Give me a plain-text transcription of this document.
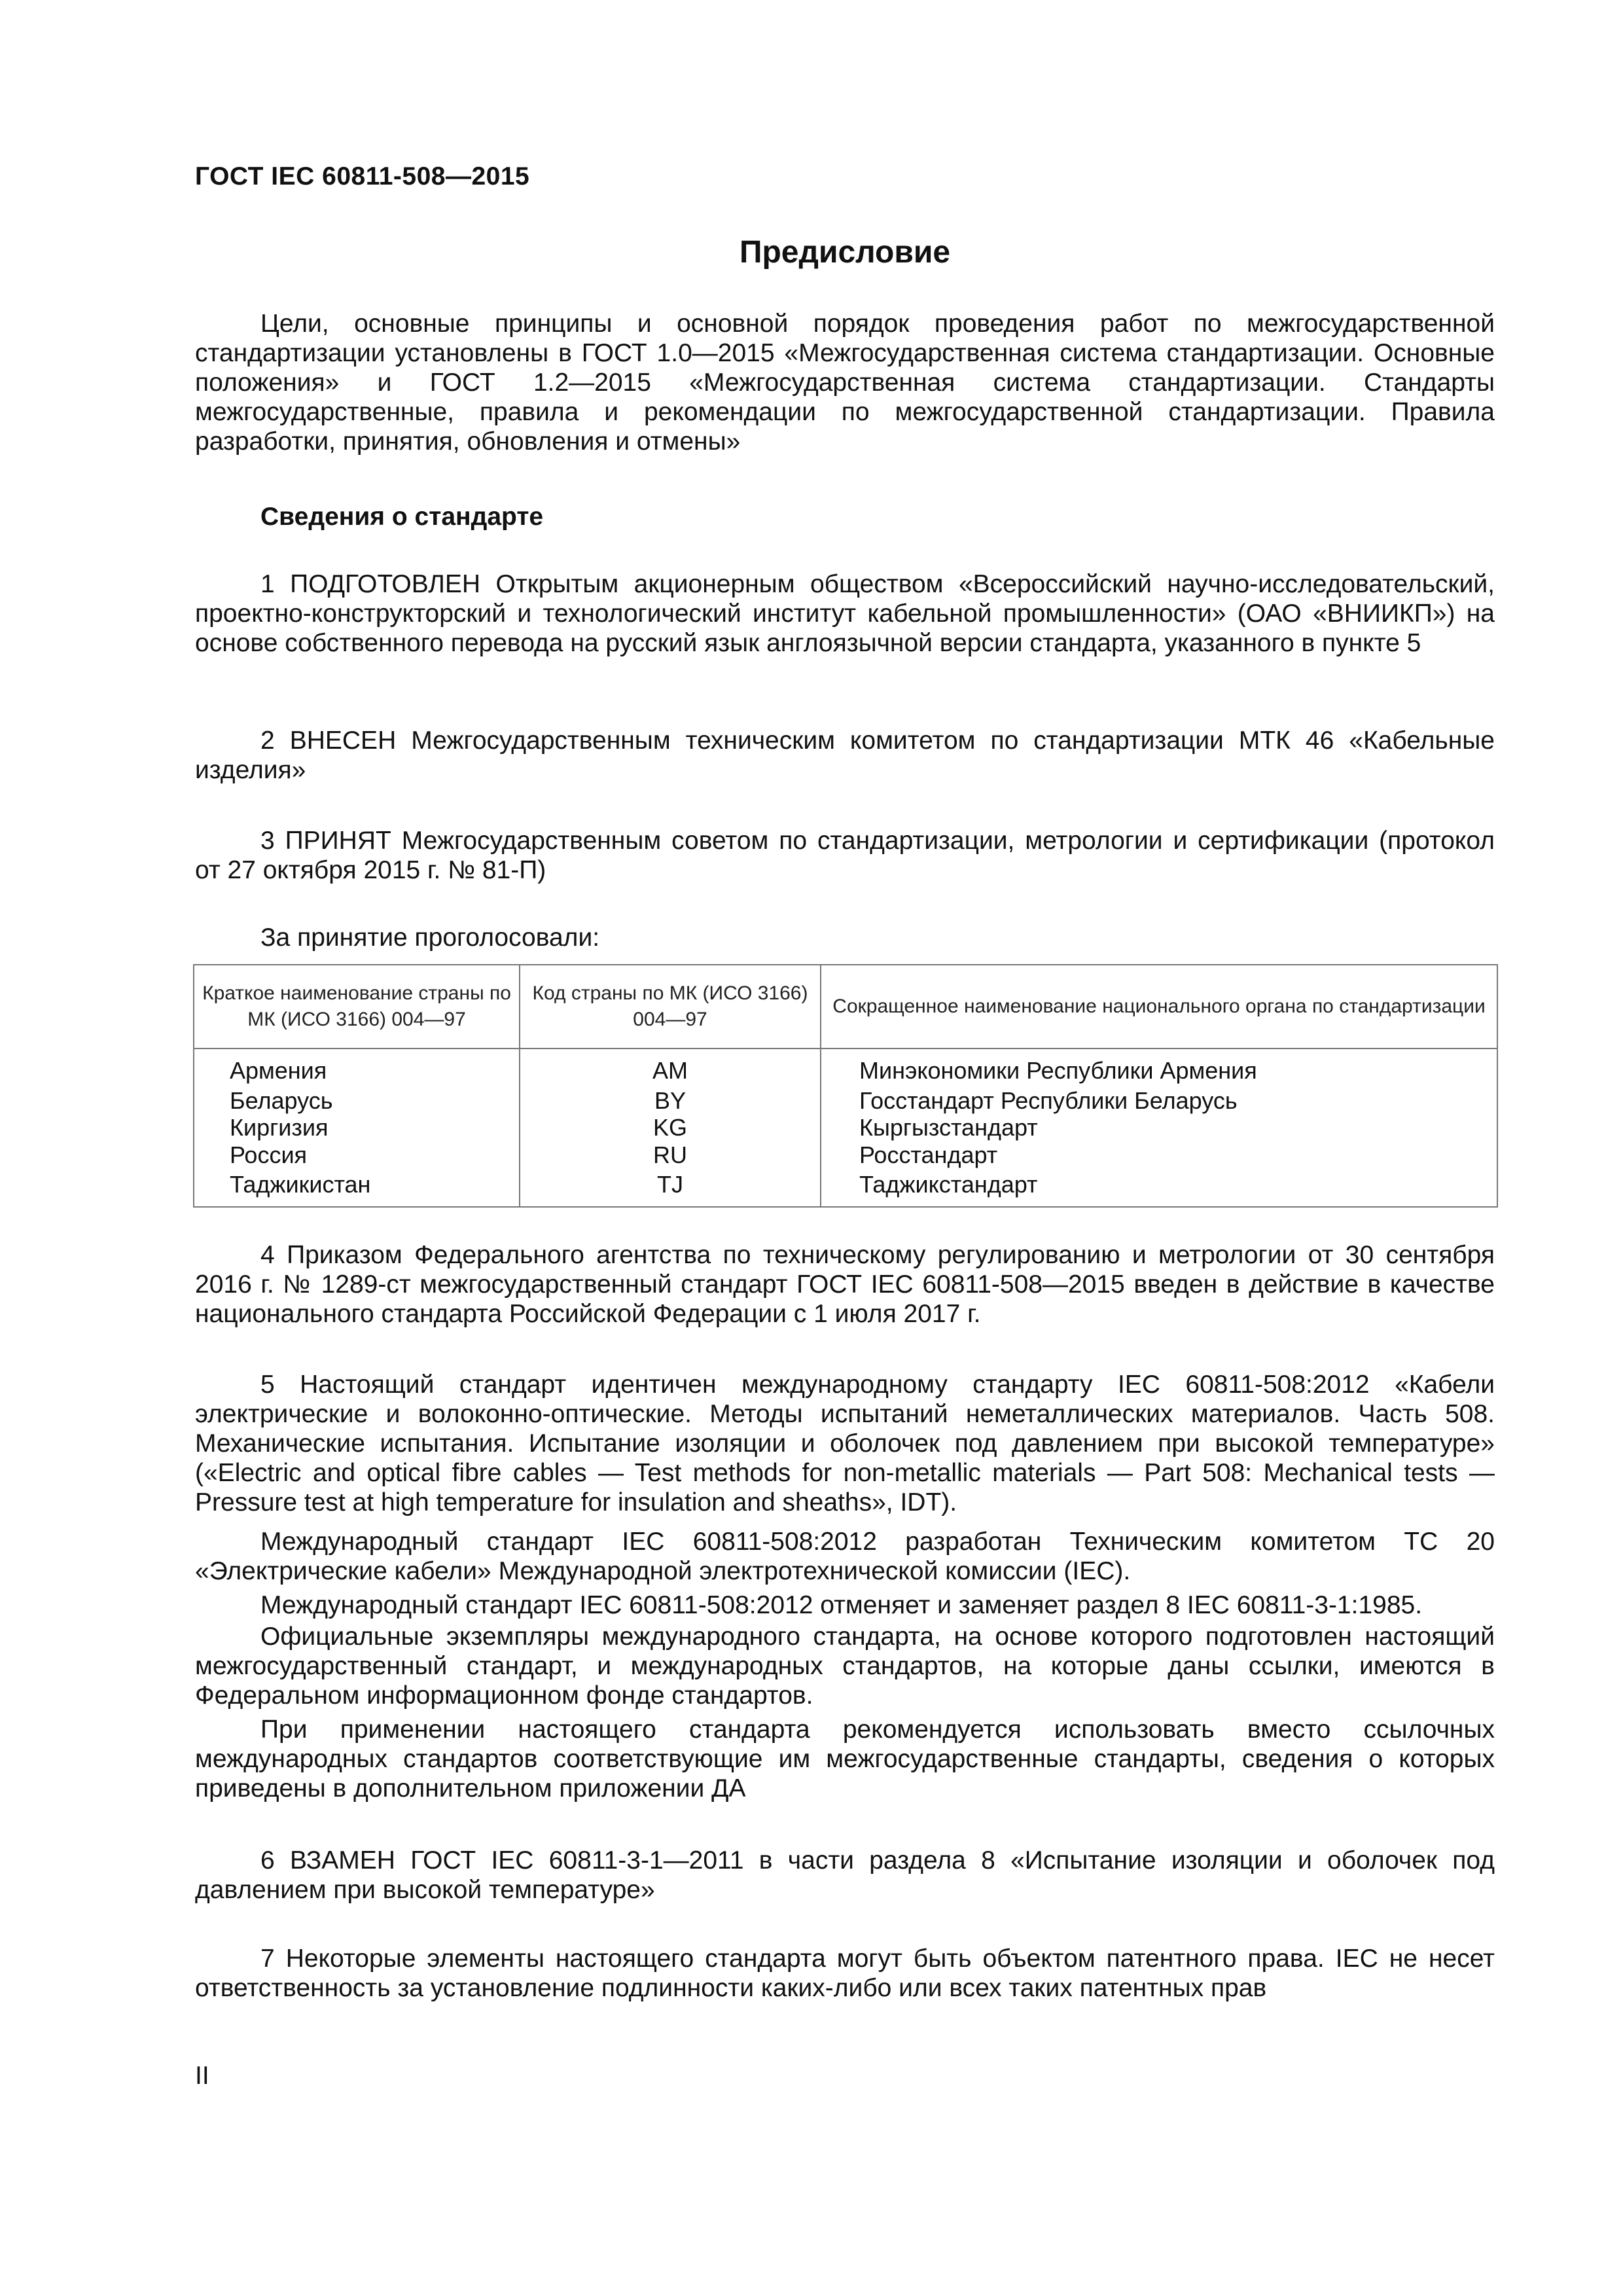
ГОСТ IEC 60811-508—2015
Предисловие
Цели, основные принципы и основной порядок проведения работ по межгосударственной стандартизации установлены в ГОСТ 1.0—2015 «Межгосударственная система стандартизации. Основные положения» и ГОСТ 1.2—2015 «Межгосударственная система стандартизации. Стандарты межгосударственные, правила и рекомендации по межгосударственной стандартизации. Правила разработки, принятия, обновления и отмены»
Сведения о стандарте
1 ПОДГОТОВЛЕН Открытым акционерным обществом «Всероссийский научно-исследовательский, проектно-конструкторский и технологический институт кабельной промышленности» (ОАО «ВНИИКП») на основе собственного перевода на русский язык англоязычной версии стандарта, указанного в пункте 5
2 ВНЕСЕН Межгосударственным техническим комитетом по стандартизации МТК 46 «Кабельные изделия»
3 ПРИНЯТ Межгосударственным советом по стандартизации, метрологии и сертификации (протокол от 27 октября 2015 г. № 81-П)
За принятие проголосовали:
Краткое наименование страны по МК (ИСО 3166) 004—97	Код страны по МК (ИСО 3166) 004—97	Сокращенное наименование национального органа по стандартизации
Армения	AM	Минэкономики Республики Армения
Беларусь	BY	Госстандарт Республики Беларусь
Киргизия	KG	Кыргызстандарт
Россия	RU	Росстандарт
Таджикистан	TJ	Таджикстандарт
4 Приказом Федерального агентства по техническому регулированию и метрологии от 30 сентября 2016 г. № 1289-ст межгосударственный стандарт ГОСТ IEC 60811-508—2015 введен в действие в качестве национального стандарта Российской Федерации с 1 июля 2017 г.
5 Настоящий стандарт идентичен международному стандарту IEC 60811-508:2012 «Кабели электрические и волоконно-оптические. Методы испытаний неметаллических материалов. Часть 508. Механические испытания. Испытание изоляции и оболочек под давлением при высокой температуре» («Electric and optical fibre cables — Test methods for non-metallic materials — Part 508: Mechanical tests — Pressure test at high temperature for insulation and sheaths», IDT).
Международный стандарт IEC 60811-508:2012 разработан Техническим комитетом ТС 20 «Электрические кабели» Международной электротехнической комиссии (IEC).
Международный стандарт IEC 60811-508:2012 отменяет и заменяет раздел 8 IEC 60811-3-1:1985.
Официальные экземпляры международного стандарта, на основе которого подготовлен настоящий межгосударственный стандарт, и международных стандартов, на которые даны ссылки, имеются в Федеральном информационном фонде стандартов.
При применении настоящего стандарта рекомендуется использовать вместо ссылочных международных стандартов соответствующие им межгосударственные стандарты, сведения о которых приведены в дополнительном приложении ДА
6 ВЗАМЕН ГОСТ IEC 60811-3-1—2011 в части раздела 8 «Испытание изоляции и оболочек под давлением при высокой температуре»
7 Некоторые элементы настоящего стандарта могут быть объектом патентного права. IEC не несет ответственность за установление подлинности каких-либо или всех таких патентных прав
II
